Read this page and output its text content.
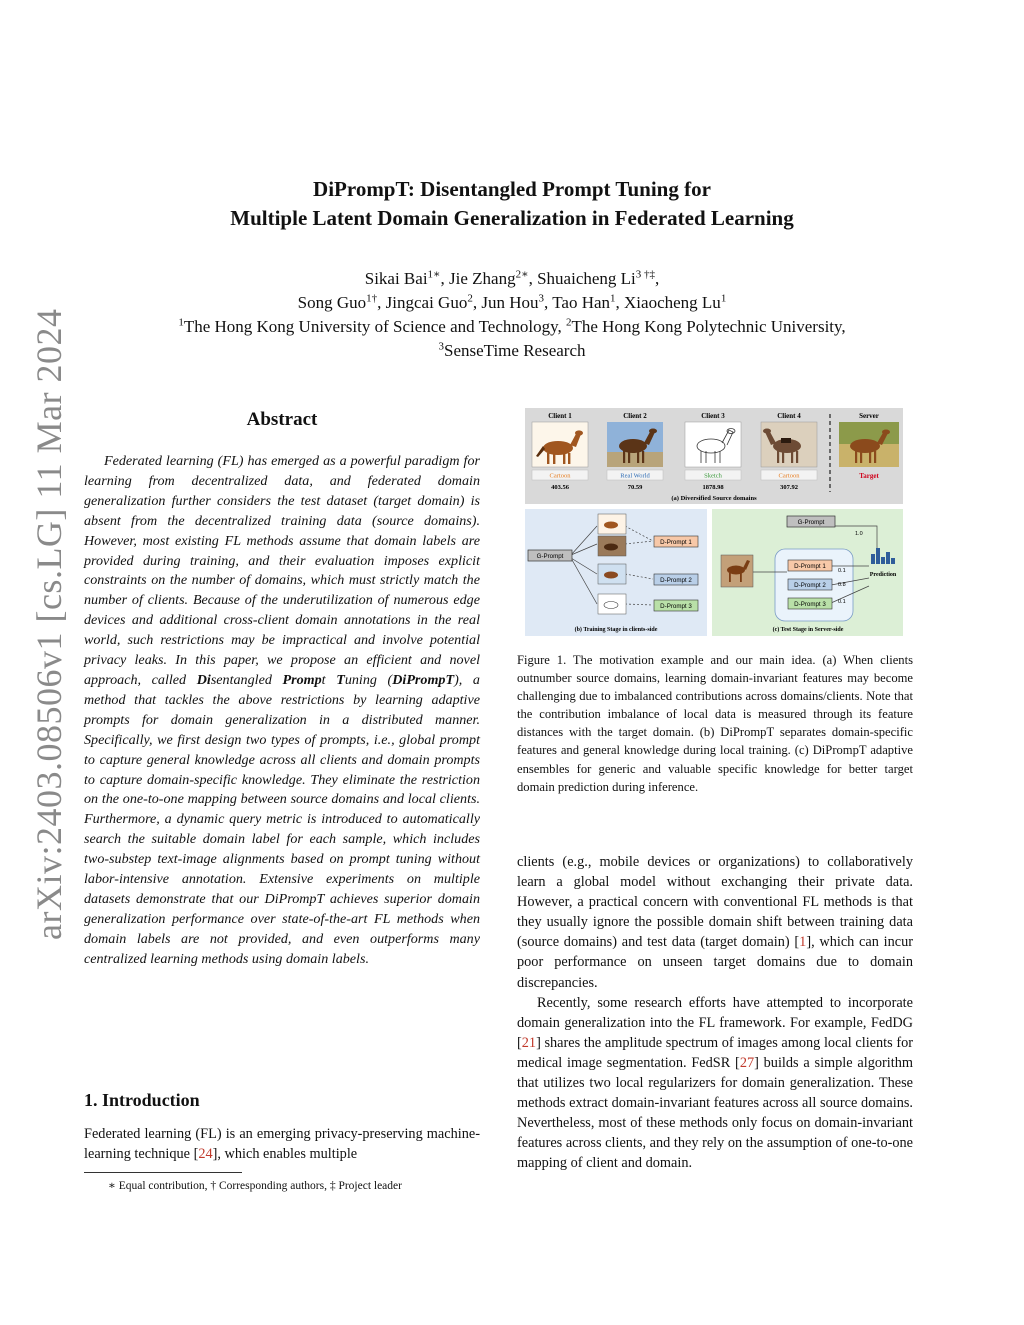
arXiv:2403.08506v1 [cs.LG] 11 Mar 2024
DiPrompT: Disentangled Prompt Tuning for
Multiple Latent Domain Generalization in Federated Learning
Sikai Bai$^{1∗}$, Jie Zhang$^{2∗}$, Shuaicheng $Li^{3 \dagger\ddagger}$,
Song Guo$^{1\dagger}$, Jingcai Guo$^2$, Jun Hou$^3$, Tao Han$^1$, Xiaocheng Lu$^1$
$^1$The Hong Kong University of Science and Technology, $^2$The Hong Kong Polytechnic University,
$^3$SenseTime Research
Abstract

Federated learning (FL) has emerged as a powerful paradigm for learning from decentralized data, and federated domain generalization further considers the test dataset (target domain) is absent from the decentralized training data (source domains). However, most existing FL methods assume that domain labels are provided during training, and their evaluation imposes explicit constraints on the number of domains, which must strictly match the number of clients. Because of the underutilization of numerous edge devices and additional cross-client domain annotations in the real world, such restrictions may be impractical and involve potential privacy leaks. In this paper, we propose an efficient and novel approach, called Disentangled Prompt Tuning (DiPrompT), a method that tackles the above restrictions by learning adaptive prompts for domain generalization in a distributed manner. Specifically, we first design two types of prompts, i.e., global prompt to capture general knowledge across all clients and domain prompts to capture domain-specific knowledge. They eliminate the restriction on the one-to-one mapping between source domains and local clients. Furthermore, a dynamic query metric is introduced to automatically search the suitable domain label for each sample, which includes two-substep text-image alignments based on prompt tuning without labor-intensive annotation. Extensive experiments on multiple datasets demonstrate that our DiPrompT achieves superior domain generalization performance over state-of-the-art FL methods when domain labels are not provided, and even outperforms many centralized learning methods using domain labels.

1. Introduction

Federated learning (FL) is an emerging privacy-preserving machine-learning technique [24], which enables multiple

∗ Equal contribution, † Corresponding authors, ‡ Project leader
Client 1
Cartoon
403.56
Client 2
Real World
70.59
Client 3
Sketch
1878.98
Client 4
Cartoon
307.92
Server
Target
(a) Diversified Source domains
G-Prompt
D-Prompt 1
D-Prompt 2
D-Prompt 3
(b) Training Stage in clients-side
G-Prompt
D-Prompt 1
D-Prompt 2
D-Prompt 3
1.0
0.1
0.8
0.1
Prediction
(c) Test Stage in Server-side

Figure 1. The motivation example and our main idea. (a) When clients outnumber source domains, learning domain-invariant features may become challenging due to imbalanced contributions across domains/clients. Note that the contribution imbalance of local data is measured through its feature distances with the target domain. (b) DiPrompT separates domain-specific features and general knowledge during local training. (c) DiPrompT adaptive ensembles for generic and valuable specific knowledge for better target domain prediction during inference.

clients (e.g., mobile devices or organizations) to collaboratively learn a global model without exchanging their private data. However, a practical concern with conventional FL methods is that they usually ignore the possible domain shift between training data (source domains) and test data (target domain) [1], which can incur poor performance on unseen target domains due to domain discrepancies.

Recently, some research efforts have attempted to incorporate domain generalization into the FL framework. For example, FedDG [21] shares the amplitude spectrum of images among local clients for medical image segmentation. FedSR [27] builds a simple algorithm that utilizes two local regularizers for domain generalization. These methods extract domain-invariant features across all source domains. Nevertheless, most of these methods only focus on domain-invariant features across clients, and they rely on the assumption of one-to-one mapping of client and domain.
